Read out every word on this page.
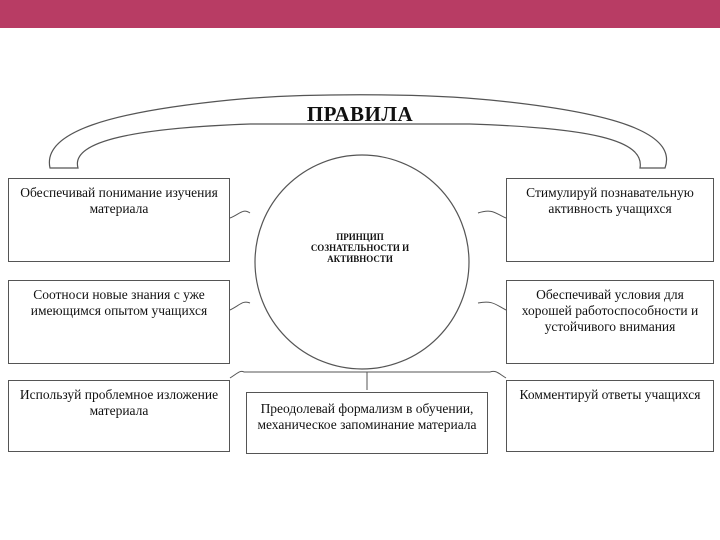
ПРАВИЛА
ПРИНЦИП
СОЗНАТЕЛЬНОСТИ И
АКТИВНОСТИ
Обеспечивай понимание изучения материала
Соотноси новые знания с уже имеющимся опытом учащихся
Используй проблемное изложение материала	Преодолевай формализм в обучении, механическое запоминание материала
Стимулируй познавательную активность учащихся
Обеспечивай условия для хорошей работоспособности и устойчивого внимания
Комментируй ответы учащихся
